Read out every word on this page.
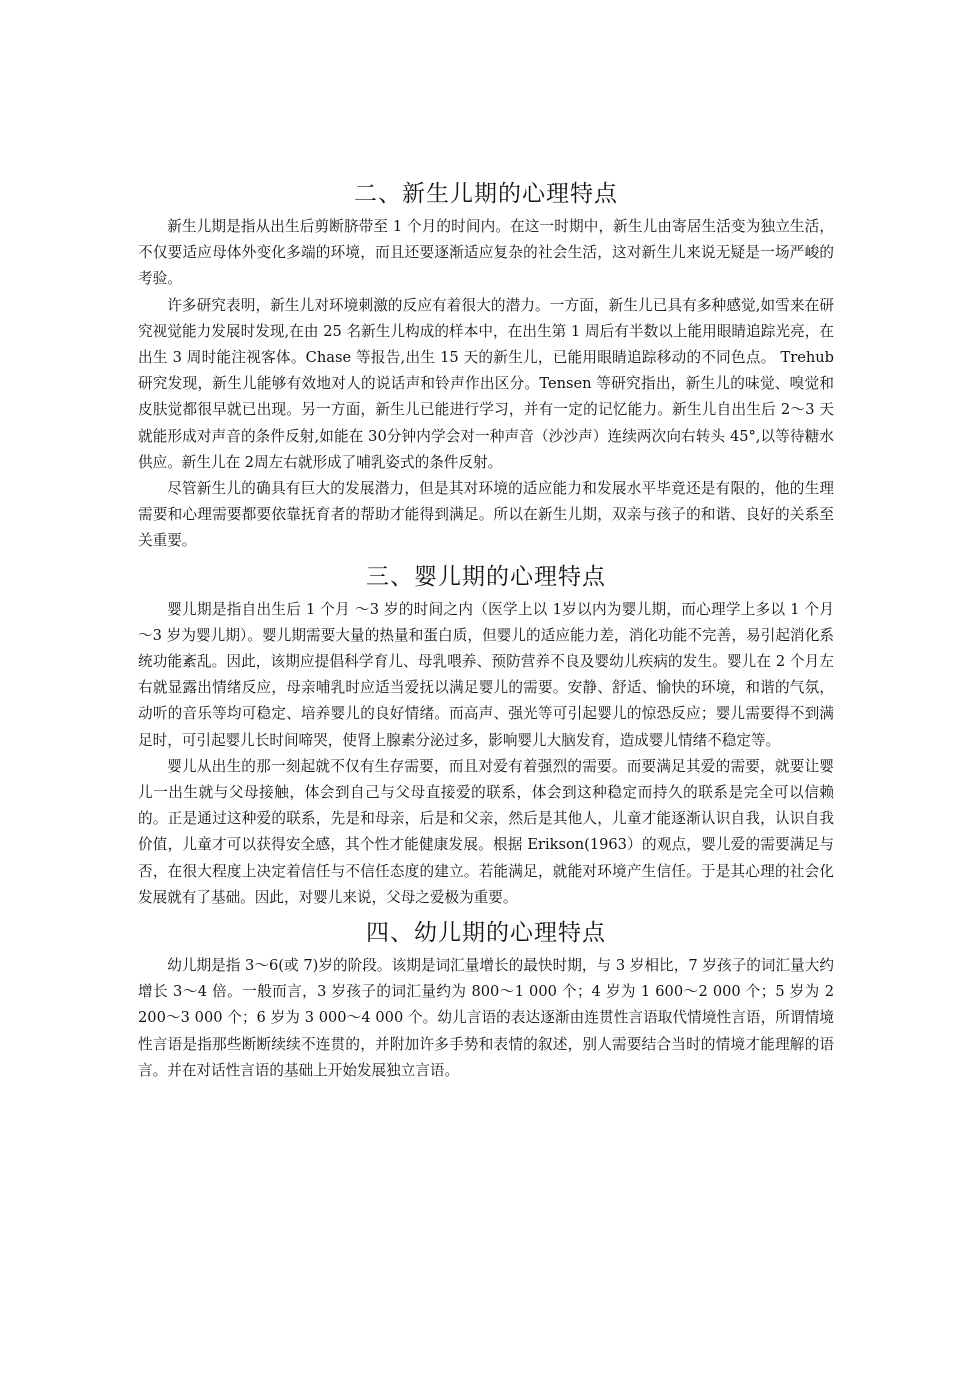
二、新生儿期的心理特点

新生儿期是指从出生后剪断脐带至 1 个月的时间内。在这一时期中，新生儿由寄居生活变为独立生活，不仅要适应母体外变化多端的环境，而且还要逐渐适应复杂的社会生活，这对新生儿来说无疑是一场严峻的考验。

许多研究表明，新生儿对环境刺激的反应有着很大的潜力。一方面，新生儿已具有多种感觉,如雪来在研究视觉能力发展时发现,在由 25 名新生儿构成的样本中，在出生第 1 周后有半数以上能用眼睛追踪光亮，在出生 3 周时能注视客体。Chase 等报告,出生 15 天的新生儿，已能用眼睛追踪移动的不同色点。 Trehub 研究发现，新生儿能够有效地对人的说话声和铃声作出区分。Tensen 等研究指出，新生儿的味觉、嗅觉和皮肤觉都很早就已出现。另一方面，新生儿已能进行学习，并有一定的记忆能力。新生儿自出生后 2～3 天就能形成对声音的条件反射,如能在 30分钟内学会对一种声音（沙沙声）连续两次向右转头 45°,以等待糖水供应。新生儿在 2周左右就形成了哺乳姿式的条件反射。

尽管新生儿的确具有巨大的发展潜力，但是其对环境的适应能力和发展水平毕竟还是有限的，他的生理需要和心理需要都要依靠抚育者的帮助才能得到满足。所以在新生儿期，双亲与孩子的和谐、良好的关系至关重要。

三、婴儿期的心理特点

婴儿期是指自出生后 1 个月 ～3 岁的时间之内（医学上以 1岁以内为婴儿期，而心理学上多以 1 个月 ～3 岁为婴儿期）。婴儿期需要大量的热量和蛋白质，但婴儿的适应能力差，消化功能不完善，易引起消化系统功能紊乱。因此，该期应提倡科学育儿、母乳喂养、预防营养不良及婴幼儿疾病的发生。婴儿在 2 个月左右就显露出情绪反应，母亲哺乳时应适当爱抚以满足婴儿的需要。安静、舒适、愉快的环境，和谐的气氛，动听的音乐等均可稳定、培养婴儿的良好情绪。而高声、强光等可引起婴儿的惊恐反应；婴儿需要得不到满足时，可引起婴儿长时间啼哭，使肾上腺素分泌过多，影响婴儿大脑发育，造成婴儿情绪不稳定等。

婴儿从出生的那一刻起就不仅有生存需要，而且对爱有着强烈的需要。而要满足其爱的需要，就要让婴儿一出生就与父母接触，体会到自己与父母直接爱的联系，体会到这种稳定而持久的联系是完全可以信赖的。正是通过这种爱的联系，先是和母亲，后是和父亲，然后是其他人，儿童才能逐渐认识自我，认识自我价值，儿童才可以获得安全感，其个性才能健康发展。根据 Erikson(1963）的观点，婴儿爱的需要满足与否，在很大程度上决定着信任与不信任态度的建立。若能满足，就能对环境产生信任。于是其心理的社会化发展就有了基础。因此，对婴儿来说，父母之爱极为重要。

四、幼儿期的心理特点

幼儿期是指 3～6(或 7)岁的阶段。该期是词汇量增长的最快时期，与 3 岁相比，7 岁孩子的词汇量大约增长 3～4 倍。一般而言，3 岁孩子的词汇量约为 800～1 000 个；4 岁为 1 600～2 000 个；5 岁为 2 200～3 000 个；6 岁为 3 000～4 000 个。幼儿言语的表达逐渐由连贯性言语取代情境性言语，所谓情境性言语是指那些断断续续不连贯的，并附加许多手势和表情的叙述，别人需要结合当时的情境才能理解的语言。并在对话性言语的基础上开始发展独立言语。
